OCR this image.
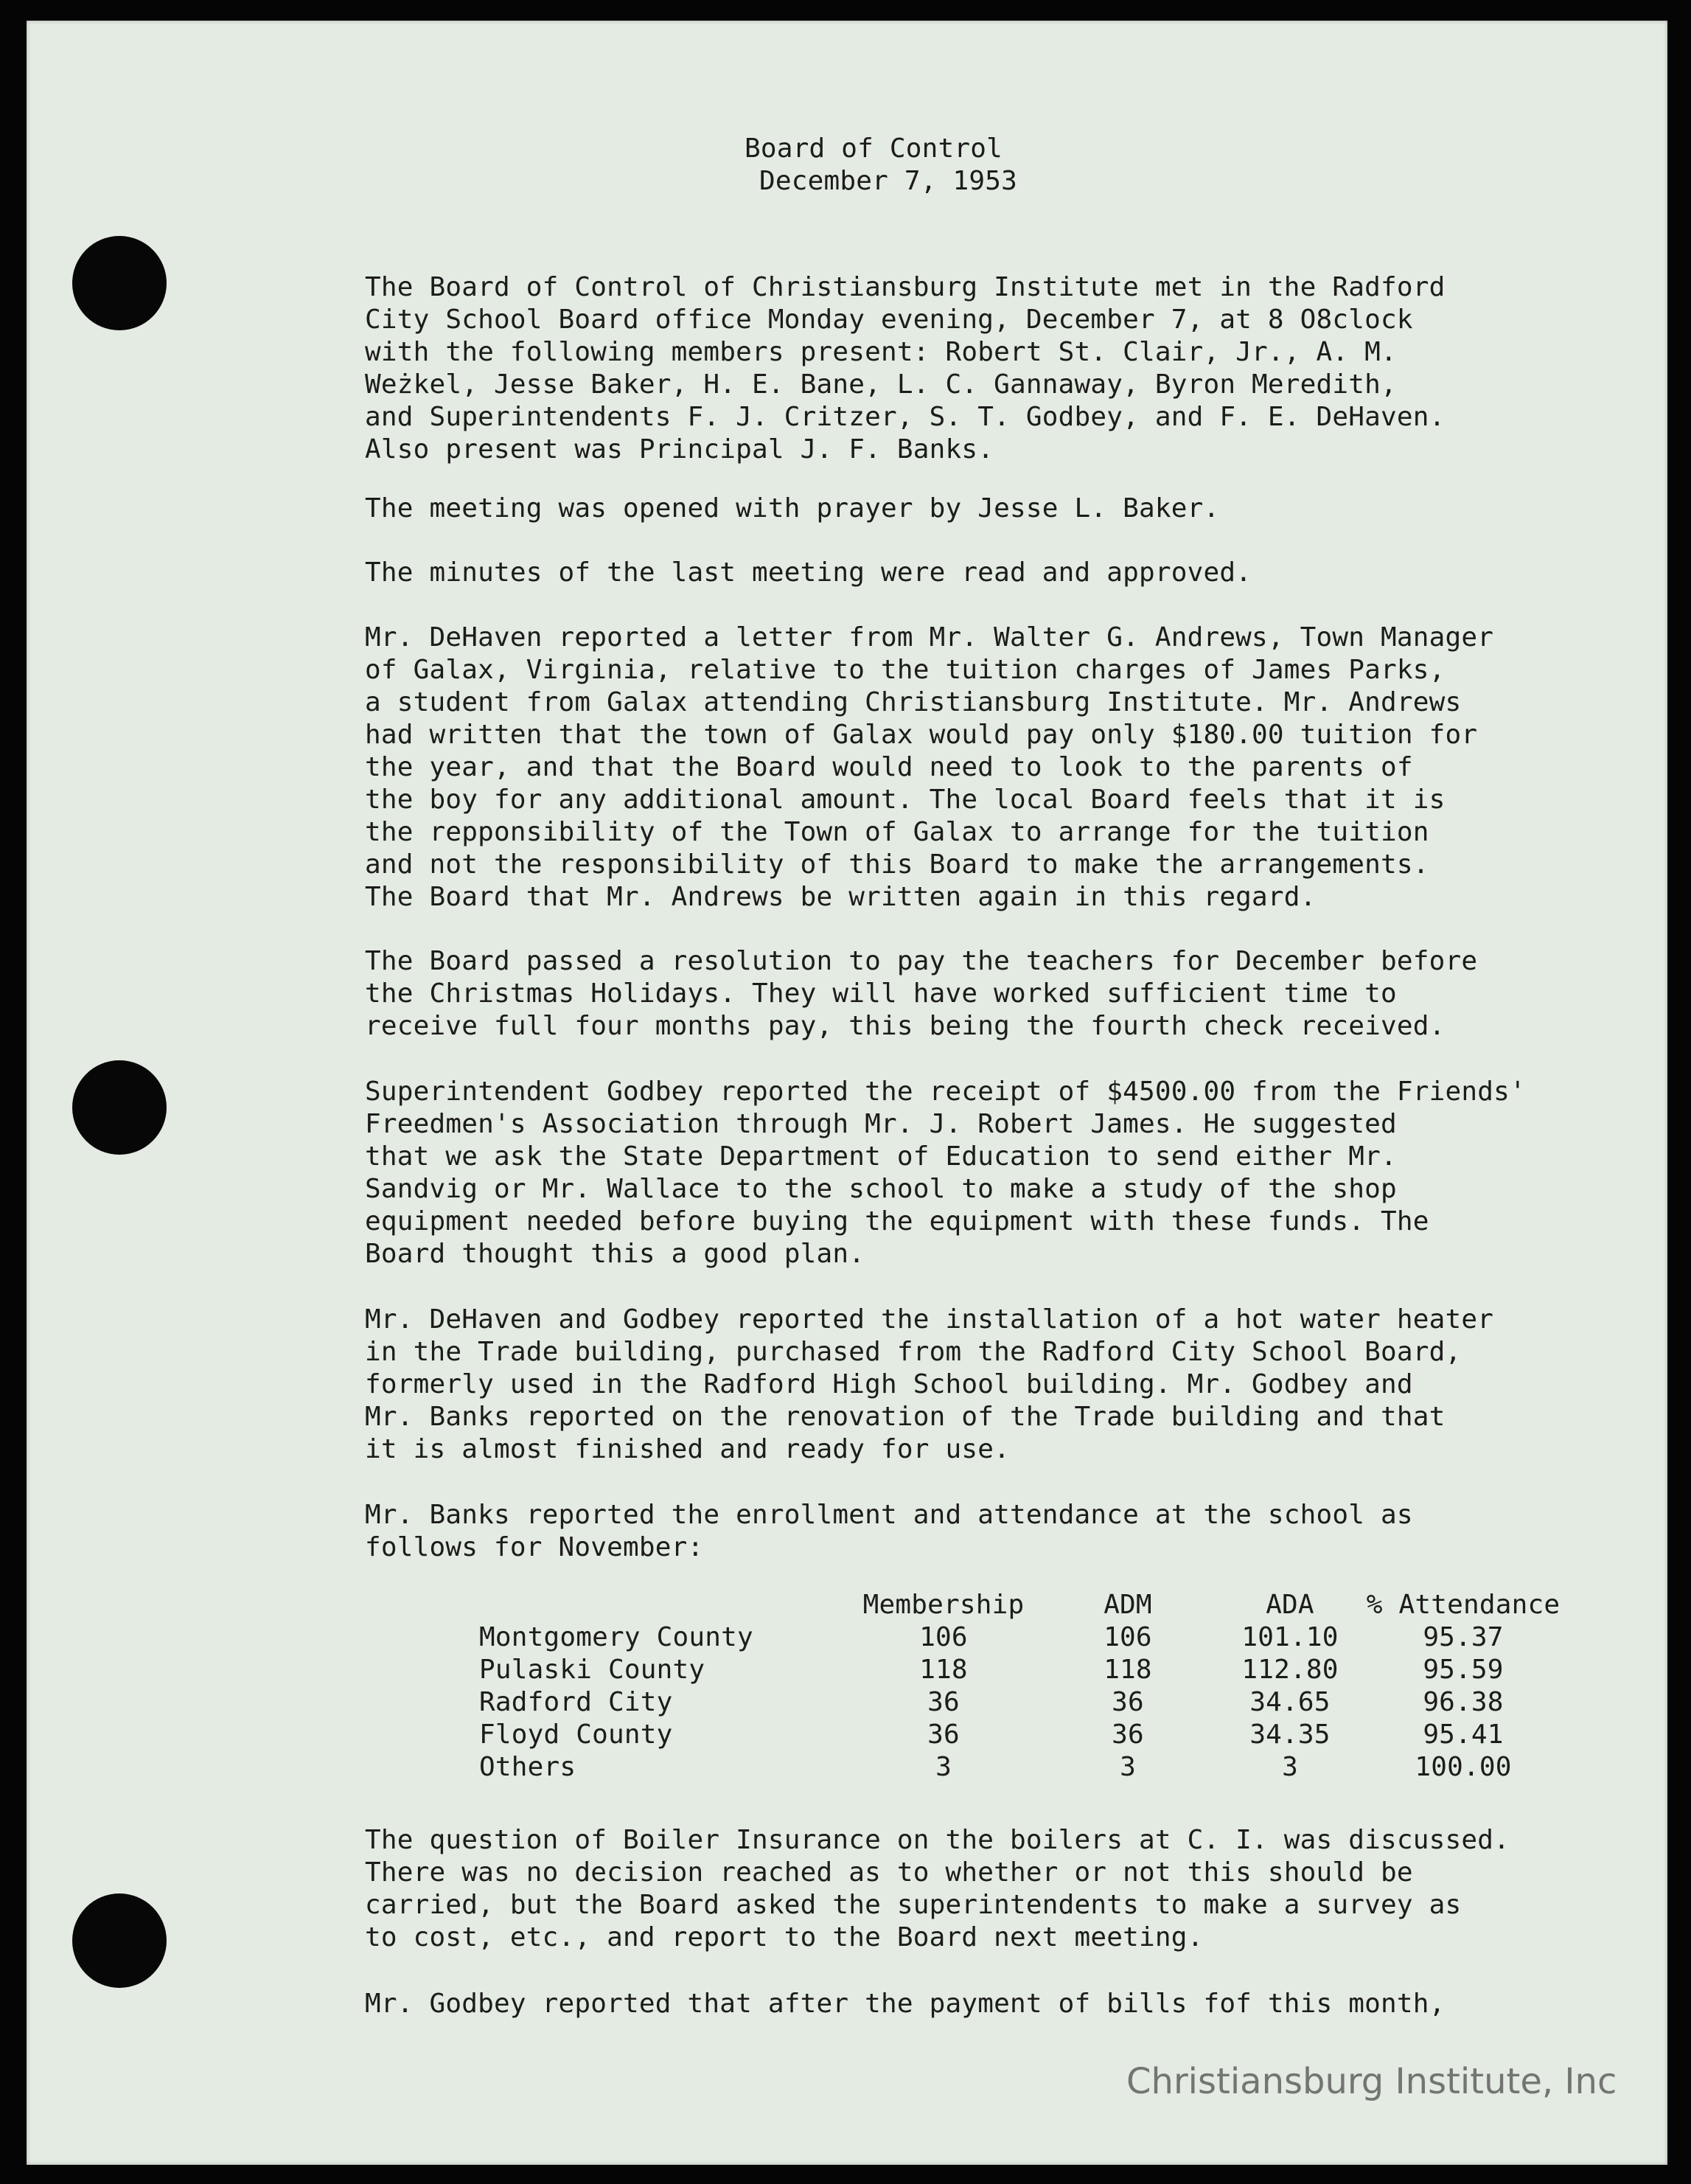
Board of Control
December 7, 1953

The Board of Control of Christiansburg Institute met in the Radford
City School Board office Monday evening, December 7, at 8 O8clock
with the following members present: Robert St. Clair, Jr., A. M.
Weżkel, Jesse Baker, H. E. Bane, L. C. Gannaway, Byron Meredith,
and Superintendents F. J. Critzer, S. T. Godbey, and F. E. DeHaven.
Also present was Principal J. F. Banks.

The meeting was opened with prayer by Jesse L. Baker.

The minutes of the last meeting were read and approved.

Mr. DeHaven reported a letter from Mr. Walter G. Andrews, Town Manager
of Galax, Virginia, relative to the tuition charges of James Parks,
a student from Galax attending Christiansburg Institute. Mr. Andrews
had written that the town of Galax would pay only $180.00 tuition for
the year, and that the Board would need to look to the parents of
the boy for any additional amount. The local Board feels that it is
the repponsibility of the Town of Galax to arrange for the tuition
and not the responsibility of this Board to make the arrangements.
The Board that Mr. Andrews be written again in this regard.

The Board passed a resolution to pay the teachers for December before
the Christmas Holidays. They will have worked sufficient time to
receive full four months pay, this being the fourth check received.

Superintendent Godbey reported the receipt of $4500.00 from the Friends'
Freedmen's Association through Mr. J. Robert James. He suggested
that we ask the State Department of Education to send either Mr.
Sandvig or Mr. Wallace to the school to make a study of the shop
equipment needed before buying the equipment with these funds. The
Board thought this a good plan.

Mr. DeHaven and Godbey reported the installation of a hot water heater
in the Trade building, purchased from the Radford City School Board,
formerly used in the Radford High School building. Mr. Godbey and
Mr. Banks reported on the renovation of the Trade building and that
it is almost finished and ready for use.

Mr. Banks reported the enrollment and attendance at the school as
follows for November:

	Membership	ADM	ADA	% Attendance
Montgomery County	106	106	101.10	95.37
Pulaski County	118	118	112.80	95.59
Radford City	36	36	34.65	96.38
Floyd County	36	36	34.35	95.41
Others	3	3	3	100.00

The question of Boiler Insurance on the boilers at C. I. was discussed.
There was no decision reached as to whether or not this should be
carried, but the Board asked the superintendents to make a survey as
to cost, etc., and report to the Board next meeting.

Mr. Godbey reported that after the payment of bills fof this month,

Christiansburg Institute, Inc
